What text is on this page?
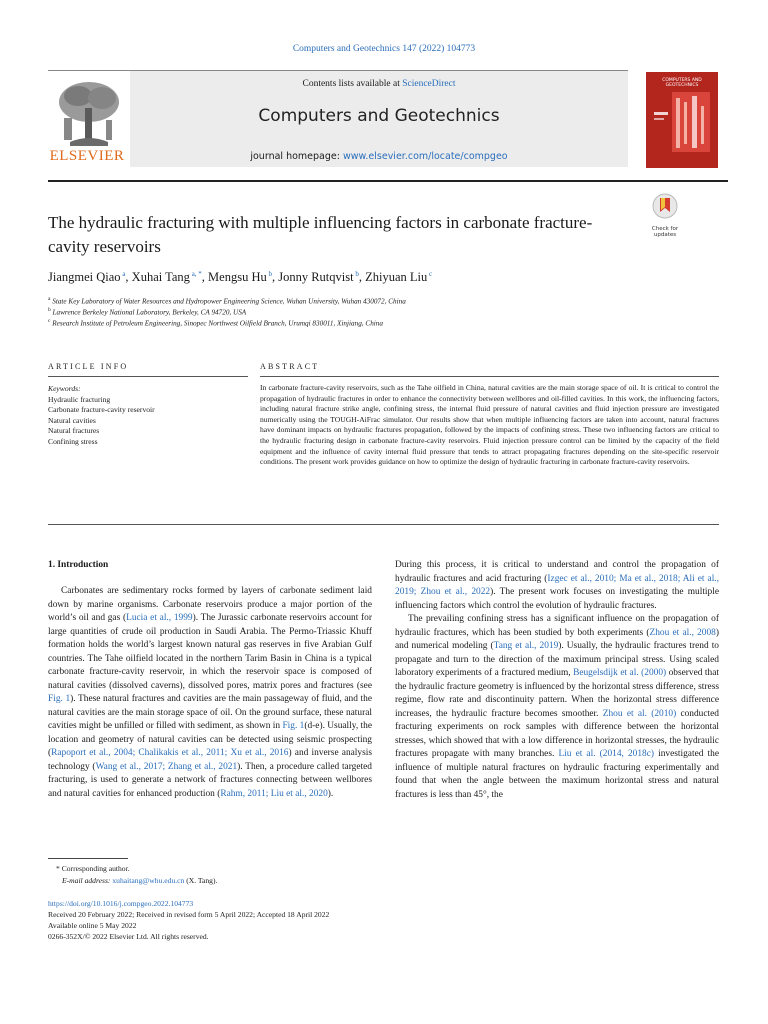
Computers and Geotechnics 147 (2022) 104773
ELSEVIER
Contents lists available at ScienceDirect
Computers and Geotechnics
journal homepage: www.elsevier.com/locate/compgeo
COMPUTERS AND GEOTECHNICS
Check for updates
The hydraulic fracturing with multiple influencing factors in carbonate fracture-cavity reservoirs
Jiangmei Qiao $^a$, Xuhai Tang $^{a, *}$, Mengsu Hu $^b$, Jonny Rutqvist $^b$, Zhiyuan Liu $^c$
$^a$ State Key Laboratory of Water Resources and Hydropower Engineering Science, Wuhan University, Wuhan 430072, China
$^b$ Lawrence Berkeley National Laboratory, Berkeley, CA 94720, USA
$^c$ Research Institute of Petroleum Engineering, Sinopec Northwest Oilfield Branch, Urumqi 830011, Xinjiang, China
ARTICLE INFO	ABSTRACT
Keywords:
Hydraulic fracturing
Carbonate fracture-cavity reservoir
Natural cavities
Natural fractures
Confining stress
In carbonate fracture-cavity reservoirs, such as the Tahe oilfield in China, natural cavities are the main storage space of oil. It is critical to control the propagation of hydraulic fractures in order to enhance the connectivity between wellbores and oil-filled cavities. In this work, the influencing factors, including natural fracture strike angle, confining stress, the internal fluid pressure of natural cavities and fluid injection pressure are investigated numerically using the TOUGH-AiFrac simulator. Our results show that when multiple influencing factors are taken into account, natural fractures have dominant impacts on hydraulic fractures propagation, followed by the impacts of confining stress. These two influencing factors are critical to the hydraulic fracturing design in carbonate fracture-cavity reservoirs. Fluid injection pressure control can be limited by the capacity of the field equipment and the influence of cavity internal fluid pressure that tends to attract propagating fractures depending on the site-specific reservoir conditions. The present work provides guidance on how to optimize the design of hydraulic fracturing in carbonate fracture-cavity reservoirs.
1. Introduction

Carbonates are sedimentary rocks formed by layers of carbonate sediment laid down by marine organisms. Carbonate reservoirs produce a major portion of the world’s oil and gas (Lucia et al., 1999). The Jurassic carbonate reservoirs account for large quantities of crude oil production in Saudi Arabia. The Permo-Triassic Khuff formation holds the world’s largest known natural gas reserves in five Arabian Gulf countries. The Tahe oilfield located in the northern Tarim Basin in China is a typical carbonate fracture-cavity reservoir, in which the reservoir space is composed of natural cavities (dissolved caverns), dissolved pores, matrix pores and fractures (see Fig. 1). These natural fractures and cavities are the main passageway of fluid, and the natural cavities are the main storage space of oil. On the ground surface, these natural cavities might be unfilled or filled with sediment, as shown in Fig. 1(d-e). Usually, the location and geometry of natural cavities can be detected using seismic prospecting (Rapoport et al., 2004; Chalikakis et al., 2011; Xu et al., 2016) and inverse analysis technology (Wang et al., 2017; Zhang et al., 2021). Then, a procedure called targeted fracturing, is used to generate a network of fractures connecting between wellbores and natural cavities for enhanced production (Rahm, 2011; Liu et al., 2020).

During this process, it is critical to understand and control the propagation of hydraulic fractures and acid fracturing (Izgec et al., 2010; Ma et al., 2018; Ali et al., 2019; Zhou et al., 2022). The present work focuses on investigating the multiple influencing factors which control the evolution of hydraulic fractures.

The prevailing confining stress has a significant influence on the propagation of hydraulic fractures, which has been studied by both experiments (Zhou et al., 2008) and numerical modeling (Tang et al., 2019). Usually, the hydraulic fractures trend to propagate and turn to the direction of the maximum principal stress. Using scaled laboratory experiments of a fractured medium, Beugelsdijk et al. (2000) observed that the hydraulic fracture geometry is influenced by the horizontal stress difference, stress regime, flow rate and discontinuity pattern. When the horizontal stress difference increases, the hydraulic fracture becomes smoother. Zhou et al. (2010) conducted fracturing experiments on rock samples with difference between the horizontal stresses, which showed that with a low difference in horizontal stresses, the hydraulic fractures propagate with many branches. Liu et al. (2014, 2018c) investigated the influence of multiple natural fractures on hydraulic fracturing experimentally and found that when the angle between the maximum horizontal stress and natural fractures is less than 45°, the

* Corresponding author.
E-mail address: xuhaitang@whu.edu.cn (X. Tang).
https://doi.org/10.1016/j.compgeo.2022.104773
Received 20 February 2022; Received in revised form 5 April 2022; Accepted 18 April 2022
Available online 5 May 2022
0266-352X/© 2022 Elsevier Ltd. All rights reserved.
